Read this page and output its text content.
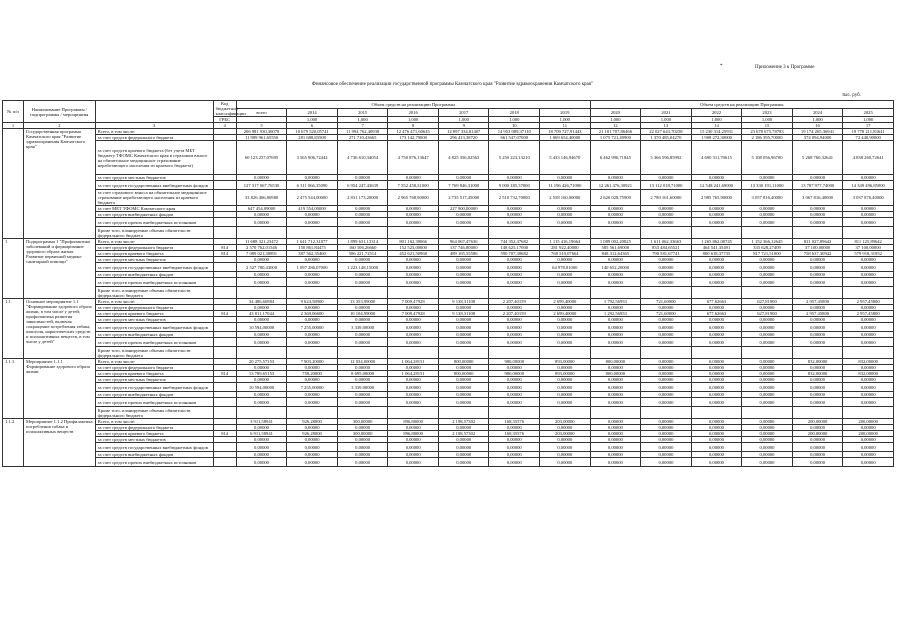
*	Приложение 3 к Программе
Финансовое обеспечение реализации государственной программы Камчатского края "Развитие здравоохранения Камчатского края"
тыс. руб.
№ п/п	Наименование Программы / подпрограммы / мероприятия		Код бюджетной классификации	Объем средств на реализацию Программы							Объем средств на реализацию Программы					
				всего	2014	2015	2016	2017	2018	2019	2020	2021	2022	2023	2024	2025
			ГРБС		1,000	1,000	1,000	1,000	1,000	1,000	1,000	1,000	1,000	1,000	1,000	1,000
1	2	3	4	5	6	7	8	9	10	11	12	13	14	15	16	17
	Государственная программа Камчатского края "Развитие здравоохранения Камчатского края"	Всего, в том числе:		206 981 930,36078	10 679 520,05741	11 994 762,40938	12 476 471,60645	12 897 334,81407	14 953 089,37110	18 709 727,91443	21 181 707,86466	22 027 643,70258	15 230 314,25931	23 678 675,78783	19 174 265,36941	19 778 211,83641
		за счет средств федерального бюджета		11 989 961,65550	281 688,83508	271 710,43665	173 142,79000	296 413,38720	661 547,07000	1 069 654,40000	1 075 721,49900	1 370 485,04270	1 908 272,30000	2 186 395,70000	374 094,94000	72 440,90000
		за счет средств краевого бюджета (без учета МБТ бюджету ТФОМС Камчатского края в страховом взносе на обязательное медицинское страхование неработающего населения из краевого бюджета)		60 123 257,07695	3 565 906,72442	4 736 610,34054	4 750 876,13647	4 825 356,02563	5 250 223,13210	5 433 146,94670	6 462 996,71845	5 366 596,85992	4 690 311,70615	5 108 056,96700	5 268 760,32641	4 838 260,72641
		за счет средств местных бюджетов		0,00000	0,00000	0,00000	0,00000	0,00000	0,00000	0,00000	0,00000	0,00000	0,00000	0,00000	0,00000	0,00000
		за счет средств государственных внебюджетных фондов		127 317 067,76530	6 311 066,35090	6 954 247,43639	7 552 458,31000	7 769 846,31000	9 000 185,37000	11 196 426,71000	12 261 476,30921	13 112 018,71000	12 548 241,69000	13 330 191,11000	13 787 977,74000	14 349 496,85000
		за счет страхового взноса на обязательное медицинское страхование неработающего населения из краевого бюджета		33 826 406,80980	2 475 544,00000	2 831 173,20000	2 965 768,90000	2 735 517,45000	2 510 732,70000	2 558 160,00000	2 620 028,75900	2 780 161,60000	2 985 765,90000	3 057 816,40000	3 067 816,40000	3 037 876,40000
		за счет МБТ ТФОМС Камчатского края		647 454,09000	419 554,00000	0,00000	0,00000	227 900,00000	0,00000	0,00000	0,00000	0,00000	0,00000	0,00000	0,00000	0,00000
		за счет средств внебюджетных фондов		0,00000	0,00000	0,00000	0,00000	0,00000	0,00000	0,00000	0,00000	0,00000	0,00000	0,00000	0,00000	0,00000
		за счет средств прочих внебюджетных источников		0,00000	0,00000	0,00000	0,00000	0,00000	0,00000	0,00000	0,00000	0,00000	0,00000	0,00000	0,00000	0,00000
		Кроме того, планируемые объемы обязательств федерального бюджета														
1	Подпрограмма 1 "Профилактика заболеваний и формирование здорового образа жизни. Развитие первичной медико-санитарной помощи"	Всего, в том числе:		11 688 321,23472	1 641 712,31877	1 899 631,13314	801 162,39066	964 067,47636	744 352,47682	1 115 416,19664	1 089 002,20825	1 611 062,33663	1 265 862,00745	1 152 366,12645	821 027,89642	811 125,89642
		за счет средств федерального бюджета	814	2 570 762,01546	150 861,84475	160 106,26660	152 523,00000	137 746,80000	148 625,17000	281 922,40000	585 561,69000	833 484,65521	464 541,35491	335 628,27409	37 100,00000	37 100,00000
		за счет средств краевого бюджета	814	7 089 021,30891	387 562,35460	586 221,72514	452 621,50968	489 165,55586	590 707,30682	768 519,07664	848 312,64365	790 581,67741	800 618,37735	817 721,51000	758 637,30942	579 918,31952
		за счет средств местных бюджетов		0,00000	0,00000	0,00000	0,00000	0,00000	0,00000	0,00000	0,00000	0,00000	0,00000	0,00000	0,00000	0,00000
		за счет средств государственных внебюджетных фондов		2 527 780,43000	1 097 286,07000	1 223 148,15000	0,00000	0,00000	0,00000	64 978,81000	140 652,20000	0,00000	0,00000	0,00000	0,00000	0,00000
		за счет средств внебюджетных фондов		0,00000	0,00000	0,00000	0,00000	0,00000	0,00000	0,00000	0,00000	0,00000	0,00000	0,00000	0,00000	0,00000
		за счет средств прочих внебюджетных источников		0,00000	0,00000	0,00000	0,00000	0,00000	0,00000	0,00000	0,00000	0,00000	0,00000	0,00000	0,00000	0,00000
		Кроме того, планируемые объемы обязательств федерального бюджета														
1.1.	Основное мероприятие 1.1 "Формирование здорового образа жизни, в том числе у детей; профилактика развития зависимостей, включая сокращение потребления табака, алкоголя, наркотических средств и психоактивных веществ, в том числе у детей"	Всего, в том числе:		34 486,60884	9 624,58900	13 353,99000	7 009,47928	9 138,31108	2 207,40159	2 699,40000	1 792,56953	721,60000	677,62663	627,81900	2 957,45800	2 957,45800
		за счет средств федерального бюджета		0,00000	0,00000	0,00000	0,00000	0,00000	0,00000	0,00000	0,00000	0,00000	0,00000	0,00000	0,00000	0,00000
		за счет средств краевого бюджета	814	43 811,17044	2 369,06600	10 104,99000	7 009,47928	9 138,31108	2 207,40159	2 699,40000	1 292,56953	721,60000	677,62663	627,81900	2 957,45800	2 957,45800
		за счет средств местных бюджетов		0,00000	0,00000	0,00000	0,00000	0,00000	0,00000	0,00000	0,00000	0,00000	0,00000	0,00000	0,00000	0,00000
		за счет средств государственных внебюджетных фондов		10 594,00000	7 255,00000	3 339,00000	0,00000	0,00000	0,00000	0,00000	0,00000	0,00000	0,00000	0,00000	0,00000	0,00000
		за счет средств внебюджетных фондов		0,00000	0,00000	0,00000	0,00000	0,00000	0,00000	0,00000	0,00000	0,00000	0,00000	0,00000	0,00000	0,00000
		за счет средств прочих внебюджетных источников		0,00000	0,00000	0,00000	0,00000	0,00000	0,00000	0,00000	0,00000	0,00000	0,00000	0,00000	0,00000	0,00000
		Кроме того, планируемые объемы обязательств федерального бюджета														
1.1.1.	Мероприятие 1.1.1 Формирование здорового образа жизни	Всего, в том числе:		20 275,57153	7 903,20000	12 034,00000	1 064,28151	800,00000	980,00000	893,00000	800,00000	0,00000	0,00000	0,00000	832,00000	832,00000
		за счет средств федерального бюджета		0,00000	0,00000	0,00000	0,00000	0,00000	0,00000	0,00000	0,00000	0,00000	0,00000	0,00000	0,00000	0,00000
		за счет средств краевого бюджета	814	13 789,65153	758,20000	8 695,00000	1 064,28151	800,00000	980,00000	893,00000	800,00000	0,00000	0,00000	0,00000	832,00000	832,00000
		за счет средств местных бюджетов		0,00000	0,00000	0,00000	0,00000	0,00000	0,00000	0,00000	0,00000	0,00000	0,00000	0,00000	0,00000	0,00000
		за счет средств государственных внебюджетных фондов		10 594,00000	7 255,00000	3 339,00000	0,00000	0,00000	0,00000	0,00000	0,00000	0,00000	0,00000	0,00000	0,00000	0,00000
		за счет средств внебюджетных фондов		0,00000	0,00000	0,00000	0,00000	0,00000	0,00000	0,00000	0,00000	0,00000	0,00000	0,00000	0,00000	0,00000
		за счет средств прочих внебюджетных источников		0,00000	0,00000	0,00000	0,00000	0,00000	0,00000	0,00000	0,00000	0,00000	0,00000	0,00000	0,00000	0,00000
		Кроме того, планируемые объемы обязательств федерального бюджета														
1.1.2.	Мероприятие 1.1.2 Профилактика потребления табака и психоактивных веществ	Всего, в том числе:		3 911,58941	926,28000	300,00000	896,80000	2 198,57302	168,35576	203,00000	0,00000	0,00000	0,00000	0,00000	200,00000	200,00000
		за счет средств федерального бюджета		0,00000	0,00000	0,00000	0,00000	0,00000	0,00000	0,00000	0,00000	0,00000	0,00000	0,00000	0,00000	0,00000
		за счет средств краевого бюджета	814	6 911,58941	926,28000	300,00000	896,80000	2 198,57302	168,35576	203,00000	0,00000	0,00000	0,00000	0,00000	200,00000	200,00000
		за счет средств местных бюджетов		0,00000	0,00000	0,00000	0,00000	0,00000	0,00000	0,00000	0,00000	0,00000	0,00000	0,00000	0,00000	0,00000
		за счет средств государственных внебюджетных фондов		0,00000	0,00000	0,00000	0,00000	0,00000	0,00000	0,00000	0,00000	0,00000	0,00000	0,00000	0,00000	0,00000
		за счет средств внебюджетных фондов		0,00000	0,00000	0,00000	0,00000	0,00000	0,00000	0,00000	0,00000	0,00000	0,00000	0,00000	0,00000	0,00000
		за счет средств прочих внебюджетных источников		0,00000	0,00000	0,00000	0,00000	0,00000	0,00000	0,00000	0,00000	0,00000	0,00000	0,00000	0,00000	0,00000
